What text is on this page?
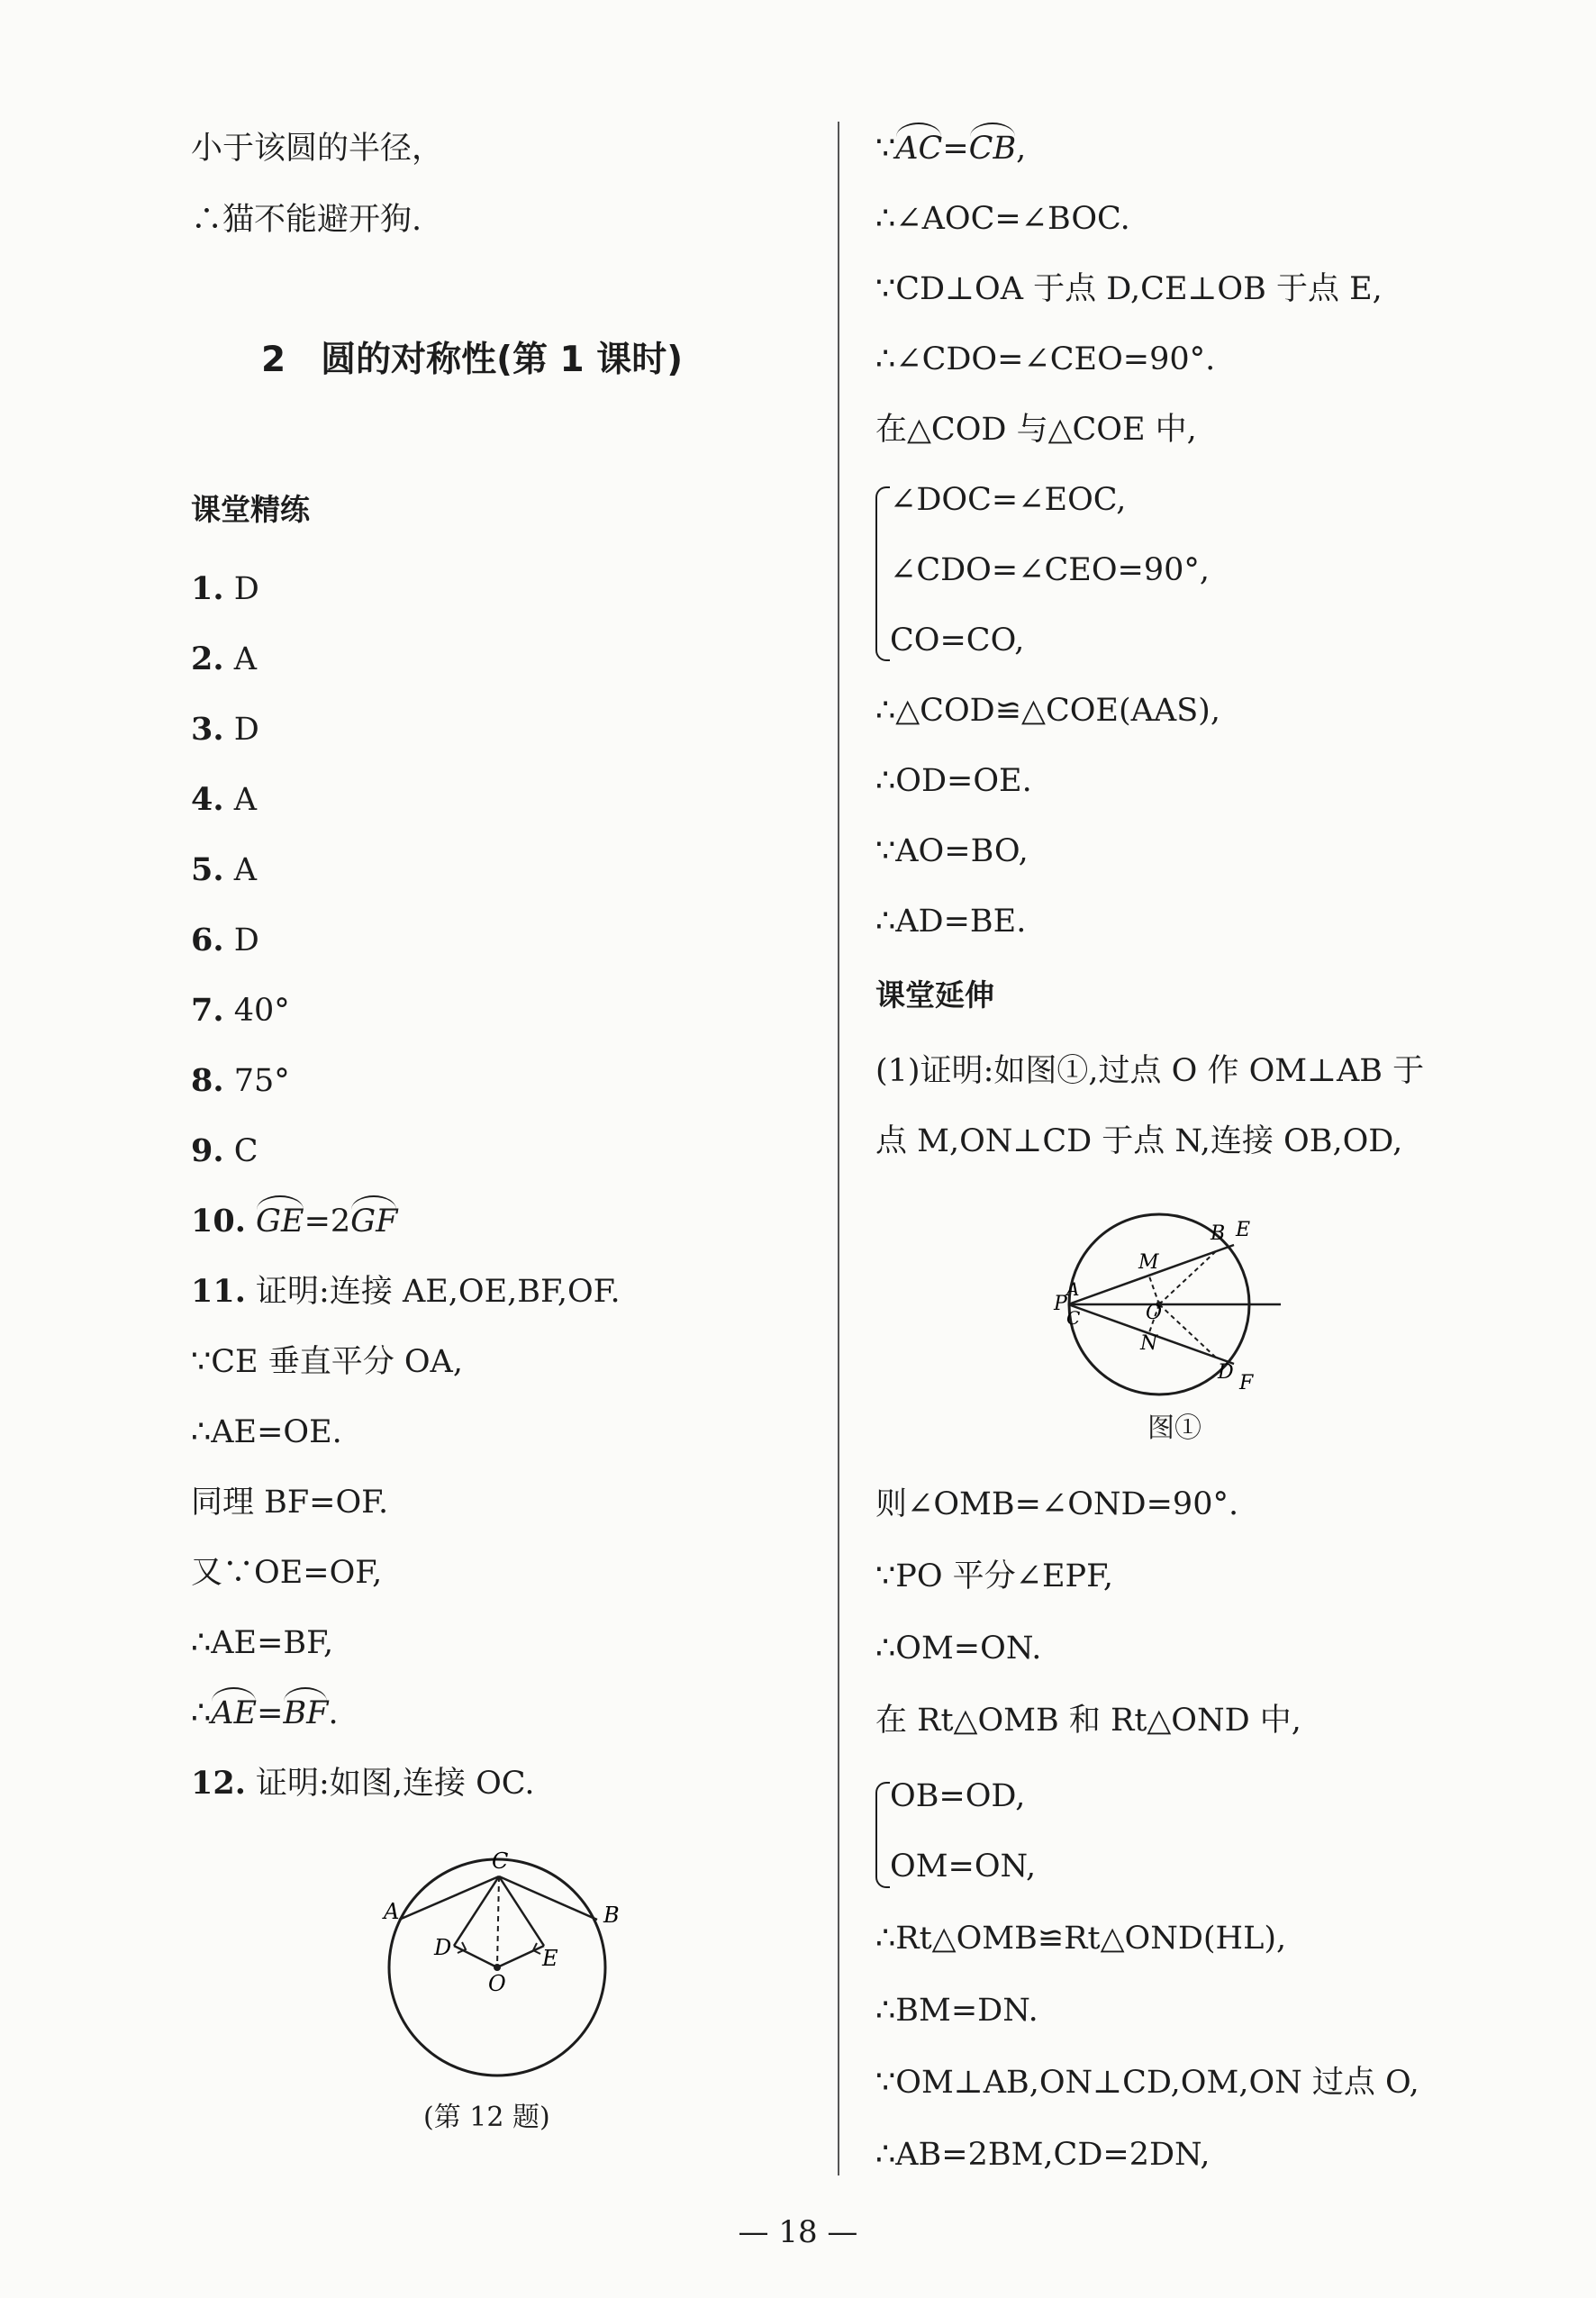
小于该圆的半径，
∴猫不能避开狗.
2　圆的对称性(第 1 课时)
课堂精练
1. D
2. A
3. D
4. A
5. A
6. D
7. 40°
8. 75°
9. C
10. GE=2GF
11. 证明:连接 AE,OE,BF,OF.
∵CE 垂直平分 OA,
∴AE=OE.
同理 BF=OF.
又∵OE=OF,
∴AE=BF,
∴AE=BF.
12. 证明:如图,连接 OC.
C
A	B
D	E
O
(第 12 题)
∵AC=CB,
∴∠AOC=∠BOC.
∵CD⊥OA 于点 D,CE⊥OB 于点 E,
∴∠CDO=∠CEO=90°.
在△COD 与△COE 中,
∠DOC=∠EOC,
∠CDO=∠CEO=90°,
CO=CO,
∴△COD≌△COE(AAS),
∴OD=OE.
∵AO=BO,
∴AD=BE.
课堂延伸
(1)证明:如图①,过点 O 作 OM⊥AB 于
点 M,ON⊥CD 于点 N,连接 OB,OD,
B E
M
A
P
C	O
N
D F
图①
则∠OMB=∠OND=90°.
∵PO 平分∠EPF,
∴OM=ON.
在 Rt△OMB 和 Rt△OND 中,
OB=OD,
OM=ON,
∴Rt△OMB≌Rt△OND(HL),
∴BM=DN.
∵OM⊥AB,ON⊥CD,OM,ON 过点 O,
∴AB=2BM,CD=2DN,
— 18 —
